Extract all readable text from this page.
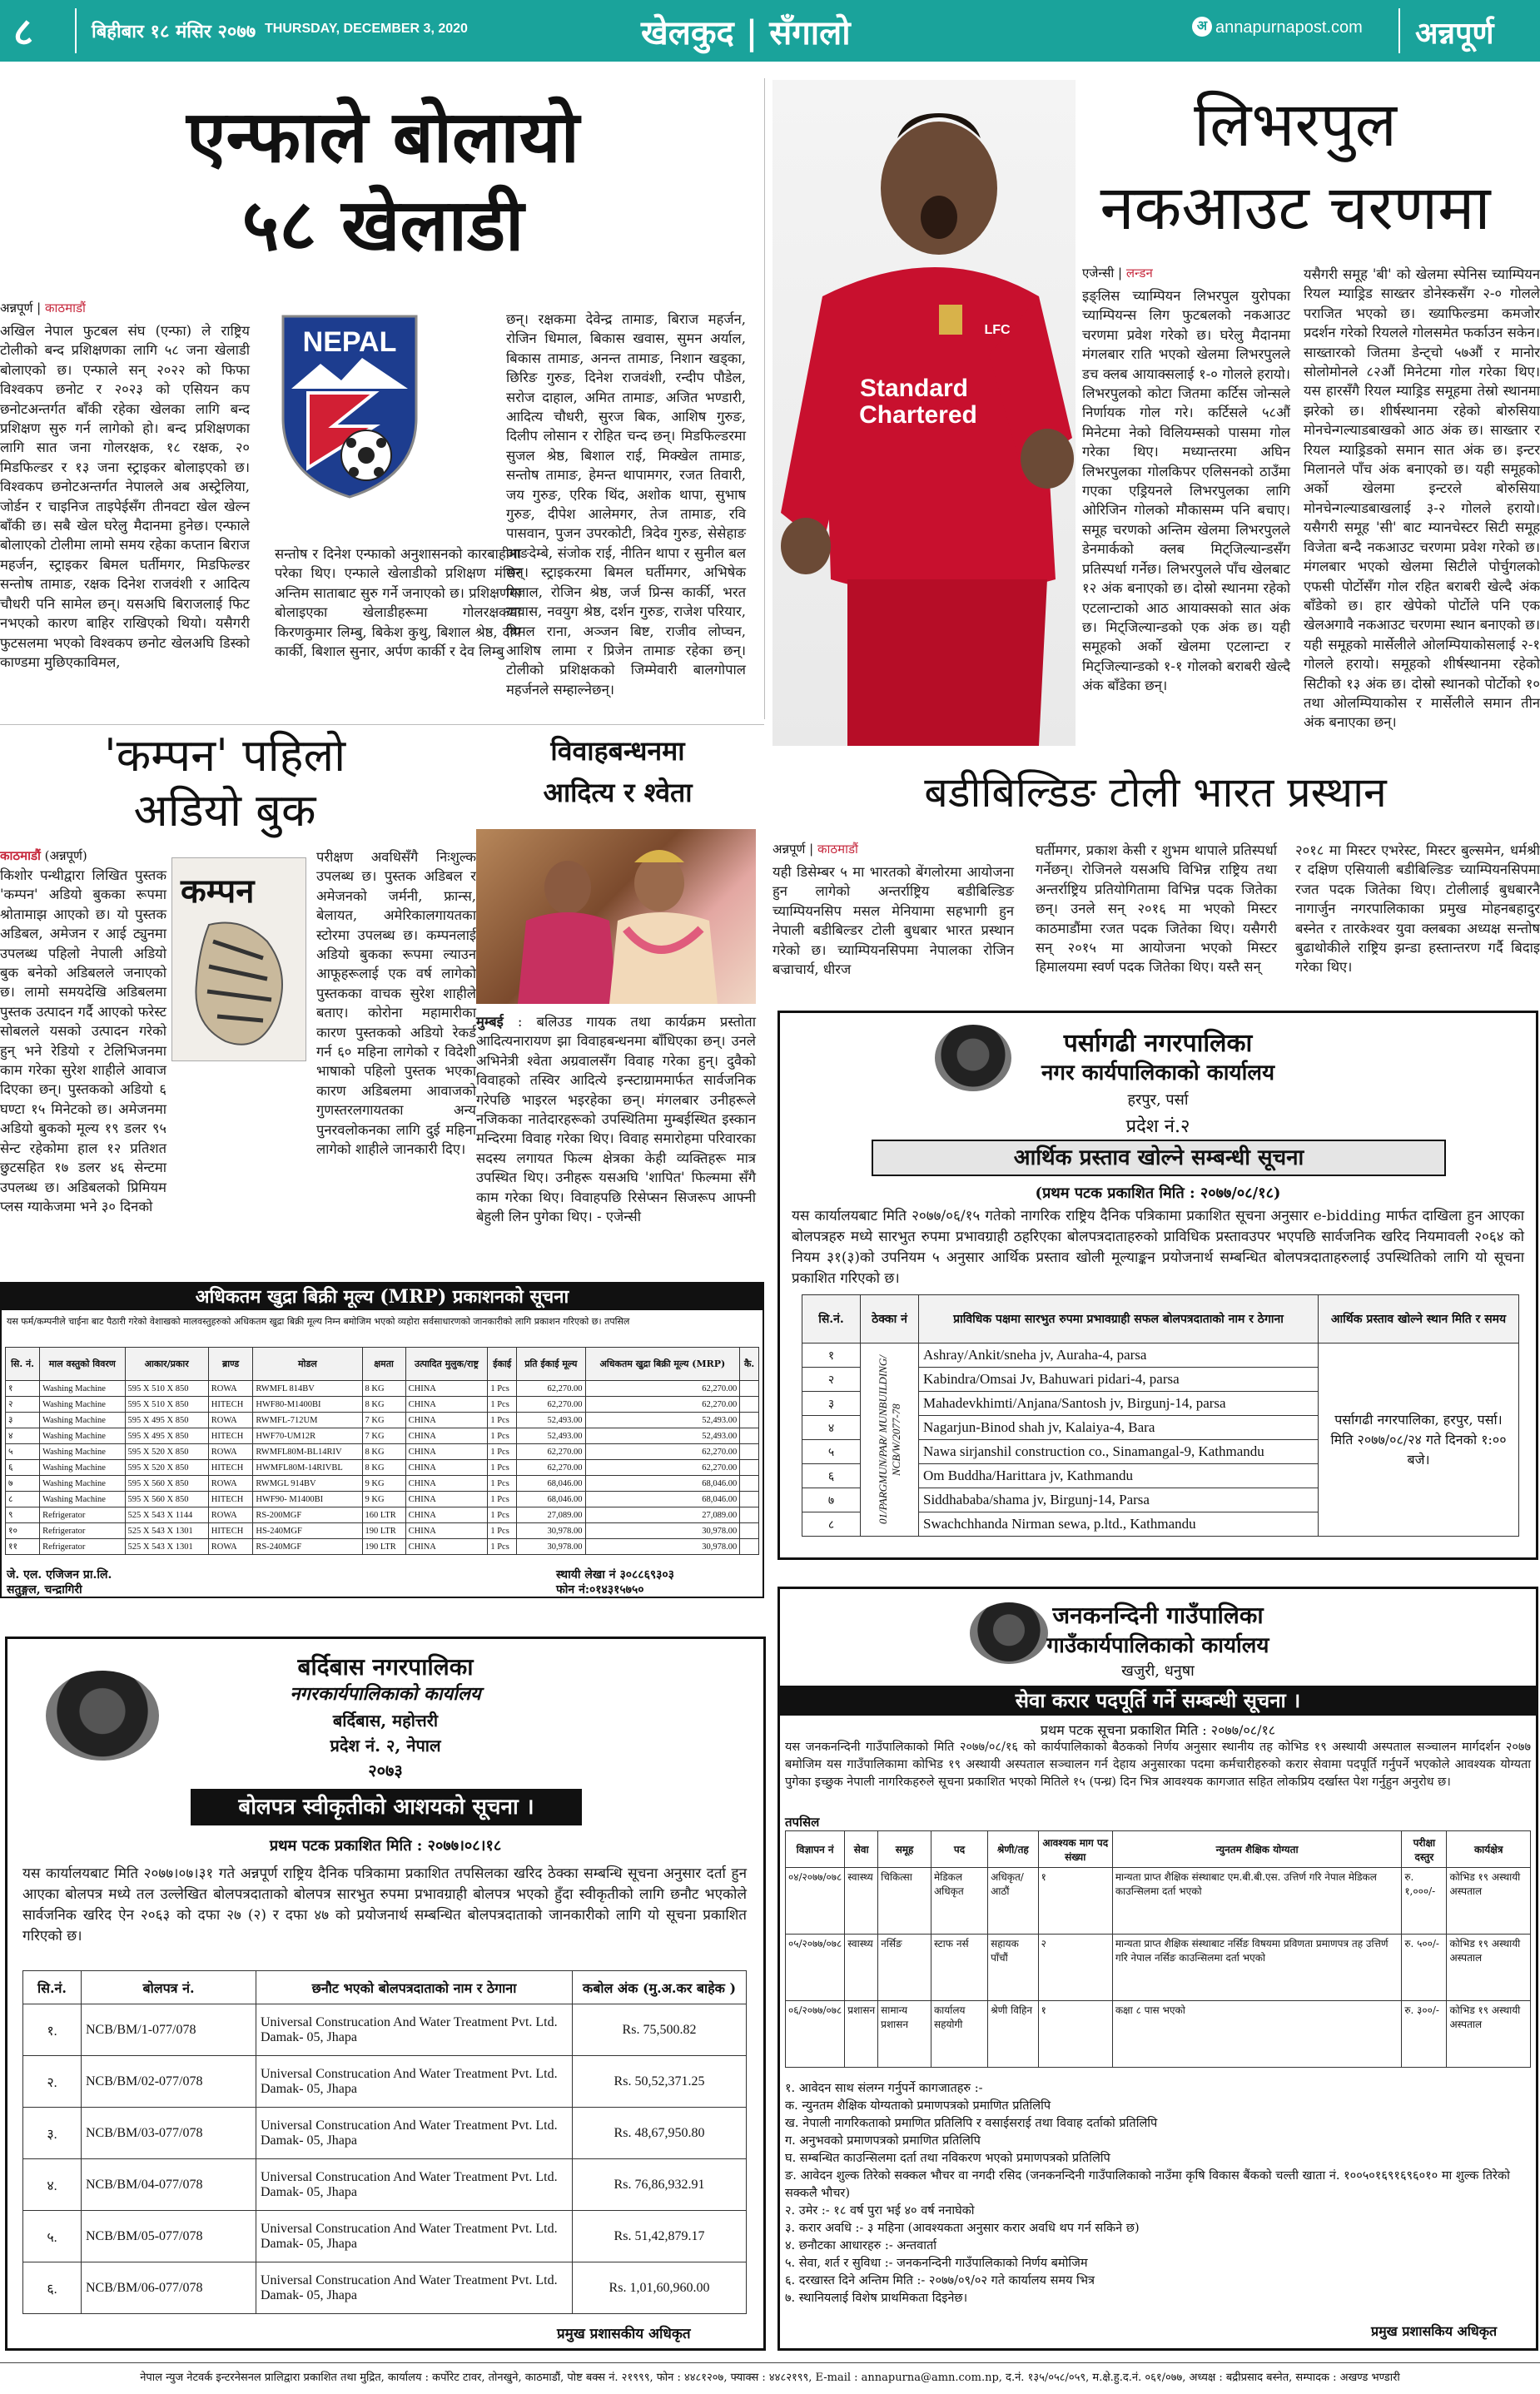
८	बिहीबार १८ मंसिर २०७७ THURSDAY, DECEMBER 3, 2020	खेलकुद | सँगालो	अ annapurnapost.com अन्नपूर्ण
एन्फाले बोलायो
५८ खेलाडी
अन्नपूर्ण | काठमाडौं
अखिल नेपाल फुटबल संघ (एन्फा) ले राष्ट्रिय टोलीको बन्द प्रशिक्षणका लागि ५८ जना खेलाडी बोलाएको छ। एन्फाले सन् २०२२ को फिफा विश्वकप छनोट र २०२३ को एसियन कप छनोटअन्तर्गत बाँकी रहेका खेलका लागि बन्द प्रशिक्षण सुरु गर्न लागेको हो। बन्द प्रशिक्षणका लागि सात जना गोलरक्षक, १८ रक्षक, २० मिडफिल्डर र १३ जना स्ट्राइकर बोलाइएको छ। विश्वकप छनोटअन्तर्गत नेपालले अब अस्ट्रेलिया, जोर्डन र चाइनिज ताइपेईसँग तीनवटा खेल खेल्न बाँकी छ। सबै खेल घरेलु मैदानमा हुनेछ। एन्फाले बोलाएको टोलीमा लामो समय रहेका कप्तान बिराज महर्जन, स्ट्राइकर बिमल घर्तीमगर, मिडफिल्डर सन्तोष तामाङ, रक्षक दिनेश राजवंशी र आदित्य चौधरी पनि सामेल छन्। यसअघि बिराजलाई फिट नभएको कारण बाहिर राखिएको थियो। यसैगरी फुटसलमा भएको विश्वकप छनोट खेलअघि डिस्को काण्डमा मुछिएकाविमल,
NEPAL
सन्तोष र दिनेश एन्फाको अनुशासनको कारबाहीमा परेका थिए। एन्फाले खेलाडीको प्रशिक्षण मंसिर अन्तिम साताबाट सुरु गर्ने जनाएको छ। प्रशिक्षणमा बोलाइएका खेलाडीहरूमा गोलरक्षकमा किरणकुमार लिम्बु, बिकेश कुथु, बिशाल श्रेष्ठ, दीप कार्की, बिशाल सुनार, अर्पण कार्की र देव लिम्बु
छन्। रक्षकमा देवेन्द्र तामाङ, बिराज महर्जन, रोजिन धिमाल, बिकास खवास, सुमन अर्याल, बिकास तामाङ, अनन्त तामाङ, निशान खड्का, छिरिङ गुरुङ, दिनेश राजवंशी, रन्दीप पौडेल, सरोज दाहाल, अमित तामाङ, अजित भण्डारी, आदित्य चौधरी, सुरज बिक, आशिष गुरुङ, दिलीप लोसान र रोहित चन्द छन्। मिडफिल्डरमा सुजल श्रेष्ठ, बिशाल राई, मिक्खेल तामाङ, सन्तोष तामाङ, हेमन्त थापामगर, रजत तिवारी, जय गुरुङ, एरिक थिंद, अशोक थापा, सुभाष गुरुङ, दीपेश आलेमगर, तेज तामाङ, रवि पासवान, पुजन उपरकोटी, त्रिदेव गुरुङ, सेसेहाङ आङदेम्बे, संजोक राई, नीतिन थापा र सुनील बल छन्। स्ट्राइकरमा बिमल घर्तीमगर, अभिषेक रिजाल, रोजिन श्रेष्ठ, जर्ज प्रिन्स कार्की, भरत खवास, नवयुग श्रेष्ठ, दर्शन गुरुङ, राजेश परियार, बिमल राना, अञ्जन बिष्ट, राजीव लोप्चन, आशिष लामा र प्रिजेन तामाङ रहेका छन्। टोलीको प्रशिक्षकको जिम्मेवारी बालगोपाल महर्जनले सम्हाल्नेछन्।
Standard
Chartered
LFC
लिभरपुल
नकआउट चरणमा
एजेन्सी | लन्डन
इङ्लिस च्याम्पियन लिभरपुल युरोपका च्याम्पियन्स लिग फुटबलको नकआउट चरणमा प्रवेश गरेको छ। घरेलु मैदानमा मंगलबार राति भएको खेलमा लिभरपुलले डच क्लब आयाक्सलाई १-० गोलले हरायो। लिभरपुलको कोटा जितमा कर्टिस जोन्सले निर्णायक गोल गरे। कर्टिसले ५८औं मिनेटमा नेको विलियम्सको पासमा गोल गरेका थिए। मध्यान्तरमा अघिन लिभरपुलका गोलकिपर एलिसनको ठाउँमा गएका एड्रियनले लिभरपुलका लागि ओरिजिन गोलको मौकासम्म पनि बचाए। समूह चरणको अन्तिम खेलमा लिभरपुलले डेनमार्कको क्लब मिट्जिल्यान्डसँग प्रतिस्पर्धा गर्नेछ। लिभरपुलले पाँच खेलबाट १२ अंक बनाएको छ। दोस्रो स्थानमा रहेको एटलान्टाको आठ आयाक्सको सात अंक छ। मिट्जिल्यान्डको एक अंक छ। यही समूहको अर्को खेलमा एटलान्टा र मिट्जिल्यान्डको १-१ गोलको बराबरी खेल्दै अंक बाँडेका छन्।
यसैगरी समूह 'बी' को खेलमा स्पेनिस च्याम्पियन रियल म्याड्रिड साख्तर डोनेस्कसँग २-० गोलले पराजित भएको छ। ख्याफिल्डमा कमजोर प्रदर्शन गरेको रियलले गोलसमेत फर्काउन सकेन। साख्तारको जितमा डेन्ट्चो ५७औं र मानोर सोलोमोनले ८२औं मिनेटमा गोल गरेका थिए। यस हारसँगै रियल म्याड्रिड समूहमा तेस्रो स्थानमा झरेको छ। शीर्षस्थानमा रहेको बोरुसिया मोनचेन्गल्याडबाखको आठ अंक छ। साख्तार र रियल म्याड्रिडको समान सात अंक छ। इन्टर मिलानले पाँच अंक बनाएको छ। यही समूहको अर्को खेलमा इन्टरले बोरुसिया मोनचेन्गल्याडबाखलाई ३-२ गोलले हरायो। यसैगरी समूह 'सी' बाट म्यानचेस्टर सिटी समूह विजेता बन्दै नकआउट चरणमा प्रवेश गरेको छ। मंगलबार भएको खेलमा सिटीले पोर्चुगलको एफसी पोर्टोसँग गोल रहित बराबरी खेल्दै अंक बाँडेको छ। हार खेपेको पोर्टोले पनि एक खेलअगावै नकआउट चरणमा स्थान बनाएको छ। यही समूहको मार्सेलीले ओलम्पियाकोसलाई २-१ गोलले हरायो। समूहको शीर्षस्थानमा रहेको सिटीको १३ अंक छ। दोस्रो स्थानको पोर्टोको १० तथा ओलम्पियाकोस र मार्सेलीले समान तीन अंक बनाएका छन्।
'कम्पन' पहिलो
अडियो बुक
काठमाडौं (अन्नपूर्ण)
किशोर पन्थीद्वारा लिखित पुस्तक 'कम्पन' अडियो बुकका रूपमा श्रोतामाझ आएको छ। यो पुस्तक अडिबल, अमेजन र आई ट्युनमा उपलब्ध पहिलो नेपाली अडियो बुक बनेको अडिबलले जनाएको छ। लामो समयदेखि अडिबलमा पुस्तक उत्पादन गर्दै आएको फरेस्ट सोबलले यसको उत्पादन गरेको हुन् भने रेडियो र टेलिभिजनमा काम गरेका सुरेश शाहीले आवाज दिएका छन्। पुस्तकको अडियो ६ घण्टा १५ मिनेटको छ। अमेजनमा अडियो बुकको मूल्य १९ डलर ९५ सेन्ट रहेकोमा हाल १२ प्रतिशत छुटसहित १७ डलर ४६ सेन्टमा उपलब्ध छ। अडिबलको प्रिमियम प्लस ग्याकेजमा भने ३० दिनको
कम्पन
परीक्षण अवधिसँगै निःशुल्क उपलब्ध छ। पुस्तक अडिबल र अमेजनको जर्मनी, फ्रान्स, बेलायत, अमेरिकालगायतका स्टोरमा उपलब्ध छ। कम्पनलाई अडियो बुकका रूपमा ल्याउन आफूहरूलाई एक वर्ष लागेको पुस्तकका वाचक सुरेश शाहीले बताए। कोरोना महामारीका कारण पुस्तकको अडियो रेकर्ड गर्न ६० महिना लागेको र विदेशी भाषाको पहिलो पुस्तक भएका कारण अडिबलमा आवाजको गुणस्तरलगायतका अन्य पुनरवलोकनका लागि दुई महिना लागेको शाहीले जानकारी दिए।
विवाहबन्धनमा
आदित्य र श्वेता
मुम्बई : बलिउड गायक तथा कार्यक्रम प्रस्तोता आदित्यनारायण झा विवाहबन्धनमा बाँधिएका छन्। उनले अभिनेत्री श्वेता अग्रवालसँग विवाह गरेका हुन्। दुवैको विवाहको तस्विर आदित्ये इन्स्टाग्राममार्फत सार्वजनिक गरेपछि भाइरल भइरहेका छन्। मंगलबार उनीहरूले नजिकका नातेदारहरूको उपस्थितिमा मुम्बईस्थित इस्कान मन्दिरमा विवाह गरेका थिए। विवाह समारोहमा परिवारका सदस्य लगायत फिल्म क्षेत्रका केही व्यक्तिहरू मात्र उपस्थित थिए। उनीहरू यसअघि 'शापित' फिल्ममा सँगै काम गरेका थिए। विवाहपछि रिसेप्सन सिजरूप आफ्नी बेहुली लिन पुगेका थिए। - एजेन्सी
बडीबिल्डिङ टोली भारत प्रस्थान
अन्नपूर्ण | काठमाडौं
यही डिसेम्बर ५ मा भारतको बेंगलोरमा आयोजना हुन लागेको अन्तर्राष्ट्रिय बडीबिल्डिङ च्याम्पियनसिप मसल मेनियामा सहभागी हुन नेपाली बडीबिल्डर टोली बुधबार भारत प्रस्थान गरेको छ। च्याम्पियनसिपमा नेपालका रोजिन बज्राचार्य, धीरज
घर्तीमगर, प्रकाश केसी र शुभम थापाले प्रतिस्पर्धा गर्नेछन्। रोजिनले यसअघि विभिन्न राष्ट्रिय तथा अन्तर्राष्ट्रिय प्रतियोगितामा विभिन्न पदक जितेका छन्। उनले सन् २०१६ मा भएको मिस्टर काठमाडौंमा रजत पदक जितेका थिए। यसैगरी सन् २०१५ मा आयोजना भएको मिस्टर हिमालयमा स्वर्ण पदक जितेका थिए। यस्तै सन्
२०१८ मा मिस्टर एभरेस्ट, मिस्टर बुल्समेन, धर्मश्री र दक्षिण एसियाली बडीबिल्डिङ च्याम्पियनसिपमा रजत पदक जितेका थिए। टोलीलाई बुधबारनै नागार्जुन नगरपालिकाका प्रमुख मोहनबहादुर बस्नेत र तारकेश्वर युवा क्लबका अध्यक्ष सन्तोष बुढाथोकीले राष्ट्रिय झन्डा हस्तान्तरण गर्दै बिदाइ गरेका थिए।
पर्सागढी नगरपालिका
नगर कार्यपालिकाको कार्यालय
हरपुर, पर्सा
प्रदेश नं.२
आर्थिक प्रस्ताव खोल्ने सम्बन्धी सूचना
(प्रथम पटक प्रकाशित मिति : २०७७/०८/१८)
यस कार्यालयबाट मिति २०७७/०६/१५ गतेको नागरिक राष्ट्रिय दैनिक पत्रिकामा प्रकाशित सूचना अनुसार e-bidding मार्फत दाखिला हुन आएका बोलपत्रहरु मध्ये सारभुत रुपमा प्रभावग्राही ठहरिएका बोलपत्रदाताहरुको प्राविधिक प्रस्तावउपर भएपछि सार्वजनिक खरिद नियमावली २०६४ को नियम ३१(३)को उपनियम ५ अनुसार आर्थिक प्रस्ताव खोली मूल्याङ्कन प्रयोजनार्थ सम्बन्धित बोलपत्रदाताहरुलाई उपस्थितिको लागि यो सूचना प्रकाशित गरिएको छ।
सि.नं.	ठेक्का नं	प्राविधिक पक्षमा सारभुत रुपमा प्रभावग्राही सफल बोलपत्रदाताको नाम र ठेगाना	आर्थिक प्रस्ताव खोल्ने स्थान मिति र समय
१	01/PARGMUN/PAR/ MUNBUILDING/ NCB/W/2077-78	Ashray/Ankit/sneha jv, Auraha-4, parsa	पर्सागढी नगरपालिका, हरपुर, पर्सा। मिति २०७७/०८/२४ गते दिनको १:०० बजे।
२		Kabindra/Omsai Jv, Bahuwari pidari-4, parsa	
३		Mahadevkhimti/Anjana/Santosh jv, Birgunj-14, parsa	
४		Nagarjun-Binod shah jv, Kalaiya-4, Bara	
५		Nawa sirjanshil construction co., Sinamangal-9, Kathmandu	
६		Om Buddha/Harittara jv, Kathmandu	
७		Siddhababa/shama jv, Birgunj-14, Parsa	
८		Swachchhanda Nirman sewa, p.ltd., Kathmandu	
अधिकतम खुद्रा बिक्री मूल्य (MRP) प्रकाशनको सूचना
यस फर्म/कम्पनीले चाईना बाट पैठारी गरेको वेशाखको मालवस्तुहरुको अधिकतम खुद्रा बिक्री मूल्य निम्न बमोजिम भएको व्यहोरा सर्वसाधारणको जानकारीको लागि प्रकाशन गरिएको छ। तपसिल
सि. नं.	माल वस्तुको विवरण	आकार/प्रकार	ब्राण्ड	मोडल	क्षमता	उत्पादित मुलुक/राष्ट्र	ईकाई	प्रति ईकाई मूल्य	अधिकतम खुद्रा बिक्री मूल्य (MRP)	कै.
१	Washing Machine	595 X 510 X 850	ROWA	RWMFL 814BV	8 KG	CHINA	1 Pcs	62,270.00	62,270.00	
२	Washing Machine	595 X 510 X 850	HITECH	HWF80-M1400BI	8 KG	CHINA	1 Pcs	62,270.00	62,270.00	
३	Washing Machine	595 X 495 X 850	ROWA	RWMFL-712UM	7 KG	CHINA	1 Pcs	52,493.00	52,493.00	
४	Washing Machine	595 X 495 X 850	HITECH	HWF70-UM12R	7 KG	CHINA	1 Pcs	52,493.00	52,493.00	
५	Washing Machine	595 X 520 X 850	ROWA	RWMFL80M-BL14RIV	8 KG	CHINA	1 Pcs	62,270.00	62,270.00	
६	Washing Machine	595 X 520 X 850	HITECH	HWMFL80M-14RIVBL	8 KG	CHINA	1 Pcs	62,270.00	62,270.00	
७	Washing Machine	595 X 560 X 850	ROWA	RWMGL 914BV	9 KG	CHINA	1 Pcs	68,046.00	68,046.00	
८	Washing Machine	595 X 560 X 850	HITECH	HWF90- M1400BI	9 KG	CHINA	1 Pcs	68,046.00	68,046.00	
९	Refrigerator	525 X 543 X 1144	ROWA	RS-200MGF	160 LTR	CHINA	1 Pcs	27,089.00	27,089.00	
१०	Refrigerator	525 X 543 X 1301	HITECH	HS-240MGF	190 LTR	CHINA	1 Pcs	30,978.00	30,978.00	
११	Refrigerator	525 X 543 X 1301	ROWA	RS-240MGF	190 LTR	CHINA	1 Pcs	30,978.00	30,978.00	
जे. एल. एजिजन प्रा.लि.
सतुङ्गल, चन्द्रागिरी
स्थायी लेखा नं ३०८८६९३०३
फोन नं:०१४३१५७५०
बर्दिबास नगरपालिका
नगरकार्यपालिकाको कार्यालय
बर्दिबास, महोत्तरी
प्रदेश नं. २, नेपाल
२०७३
बोलपत्र स्वीकृतीको आशयको सूचना ।
प्रथम पटक प्रकाशित मिति : २०७७।०८।१८
यस कार्यालयबाट मिति २०७७।०७।३१ गते अन्नपूर्ण राष्ट्रिय दैनिक पत्रिकामा प्रकाशित तपसिलका खरिद ठेक्का सम्बन्धि सूचना अनुसार दर्ता हुन आएका बोलपत्र मध्ये तल उल्लेखित बोलपत्रदाताको बोलपत्र सारभुत रुपमा प्रभावग्राही बोलपत्र भएको हुँदा स्वीकृतीको लागि छनौट भएकोले सार्वजनिक खरिद ऐन २०६३ को दफा २७ (२) र दफा ४७ को प्रयोजनार्थ सम्बन्धित बोलपत्रदाताको जानकारीको लागि यो सूचना प्रकाशित गरिएको छ।
सि.नं.	बोलपत्र नं.	छनौट भएको बोलपत्रदाताको नाम र ठेगाना	कबोल अंक (मु.अ.कर बाहेक )
१.	NCB/BM/1-077/078	Universal Construcation And Water Treatment Pvt. Ltd. Damak- 05, Jhapa	Rs. 75,500.82
२.	NCB/BM/02-077/078	Universal Construcation And Water Treatment Pvt. Ltd. Damak- 05, Jhapa	Rs. 50,52,371.25
३.	NCB/BM/03-077/078	Universal Construcation And Water Treatment Pvt. Ltd. Damak- 05, Jhapa	Rs. 48,67,950.80
४.	NCB/BM/04-077/078	Universal Construcation And Water Treatment Pvt. Ltd. Damak- 05, Jhapa	Rs. 76,86,932.91
५.	NCB/BM/05-077/078	Universal Construcation And Water Treatment Pvt. Ltd. Damak- 05, Jhapa	Rs. 51,42,879.17
६.	NCB/BM/06-077/078	Universal Construcation And Water Treatment Pvt. Ltd. Damak- 05, Jhapa	Rs. 1,01,60,960.00
प्रमुख प्रशासकीय अधिकृत
जनकनन्दिनी गाउँपालिका
गाउँकार्यपालिकाको कार्यालय
खजुरी, धनुषा
सेवा करार पदपूर्ति गर्ने सम्बन्धी सूचना ।
प्रथम पटक सूचना प्रकाशित मिति : २०७७/०८/१८
यस जनकनन्दिनी गाउँपालिकाको मिति २०७७/०८/१६ को कार्यपालिकाको बैठकको निर्णय अनुसार स्थानीय तह कोभिड १९ अस्थायी अस्पताल सञ्चालन मार्गदर्शन २०७७ बमोजिम यस गाउँपालिकामा कोभिड १९ अस्थायी अस्पताल सञ्चालन गर्न देहाय अनुसारका पदमा कर्मचारीहरुको करार सेवामा पदपूर्ति गर्नुपर्ने भएकोले आवश्यक योग्यता पुगेका इच्छुक नेपाली नागरिकहरुले सूचना प्रकाशित भएको मितिले १५ (पन्ध्र) दिन भित्र आवश्यक कागजात सहित लोकप्रिय दर्खास्त पेश गर्नुहुन अनुरोध छ।
तपसिल
विज्ञापन नं	सेवा	समूह	पद	श्रेणी/तह	आवश्यक माग पद संख्या	न्युनतम शैक्षिक योग्यता	परीक्षा दस्तुर	कार्यक्षेत्र
०४/२०७७/०७८	स्वास्थ्य	चिकित्सा	मेडिकल अधिकृत	अधिकृत/आठौं	१	मान्यता प्राप्त शैक्षिक संस्थाबाट एम.बी.बी.एस. उत्तिर्ण गरि नेपाल मेडिकल काउन्सिलमा दर्ता भएको	रु. १,०००/-	कोभिड १९ अस्थायी अस्पताल
०५/२०७७/०७८	स्वास्थ्य	नर्सिङ	स्टाफ नर्स	सहायक पाँचौं	२	मान्यता प्राप्त शैक्षिक संस्थाबाट नर्सिङ विषयमा प्रविणता प्रमाणपत्र तह उत्तिर्ण गरि नेपाल नर्सिङ काउन्सिलमा दर्ता भएको	रु. ५००/-	कोभिड १९ अस्थायी अस्पताल
०६/२०७७/०७८	प्रशासन	सामान्य प्रशासन	कार्यालय सहयोगी	श्रेणी विहिन	१	कक्षा ८ पास भएको	रु. ३००/-	कोभिड १९ अस्थायी अस्पताल
१. आवेदन साथ संलग्न गर्नुपर्ने कागजातहरु :-
क. न्युनतम शैक्षिक योग्यताको प्रमाणपत्रको प्रमाणित प्रतिलिपि
ख. नेपाली नागरिकताको प्रमाणित प्रतिलिपि र वसाईसराई तथा विवाह दर्ताको प्रतिलिपि
ग. अनुभवको प्रमाणपत्रको प्रमाणित प्रतिलिपि
घ. सम्बन्धित काउन्सिलमा दर्ता तथा नविकरण भएको प्रमाणपत्रको प्रतिलिपि
ङ. आवेदन शुल्क तिरेको सक्कल भौचर वा नगदी रसिद (जनकनन्दिनी गाउँपालिकाको नाउँमा कृषि विकास बैंकको चल्ती खाता नं. १००५०१६९१६९६०१० मा शुल्क तिरेको सक्कलै भौचर)
२. उमेर :- १८ वर्ष पुरा भई ४० वर्ष ननाघेको
३. करार अवधि :- ३ महिना (आवश्यकता अनुसार करार अवधि थप गर्न सकिने छ)
४. छनौटका आधारहरु :- अन्तवार्ता
५. सेवा, शर्त र सुविधा :- जनकनन्दिनी गाउँपालिकाको निर्णय बमोजिम
६. दरखास्त दिने अन्तिम मिति :- २०७७/०९/०२ गते कार्यालय समय भित्र
७. स्थानियलाई विशेष प्राथमिकता दिइनेछ।
प्रमुख प्रशासकिय अधिकृत
नेपाल न्युज नेटवर्क इन्टरनेसनल प्रालिद्वारा प्रकाशित तथा मुद्रित, कार्यालय : कर्पोरेट टावर, तोनखुने, काठमाडौं, पोष्ट बक्स नं. २१९९९, फोन : ४४८१२०७, फ्याक्स : ४४८२१९९, E-mail : annapurna@amn.com.np, द.नं. १३५/०५८/०५९, म.क्षे.हु.द.नं. ०६१/०७७, अध्यक्ष : बद्रीप्रसाद बस्नेत, सम्पादक : अखण्ड भण्डारी
